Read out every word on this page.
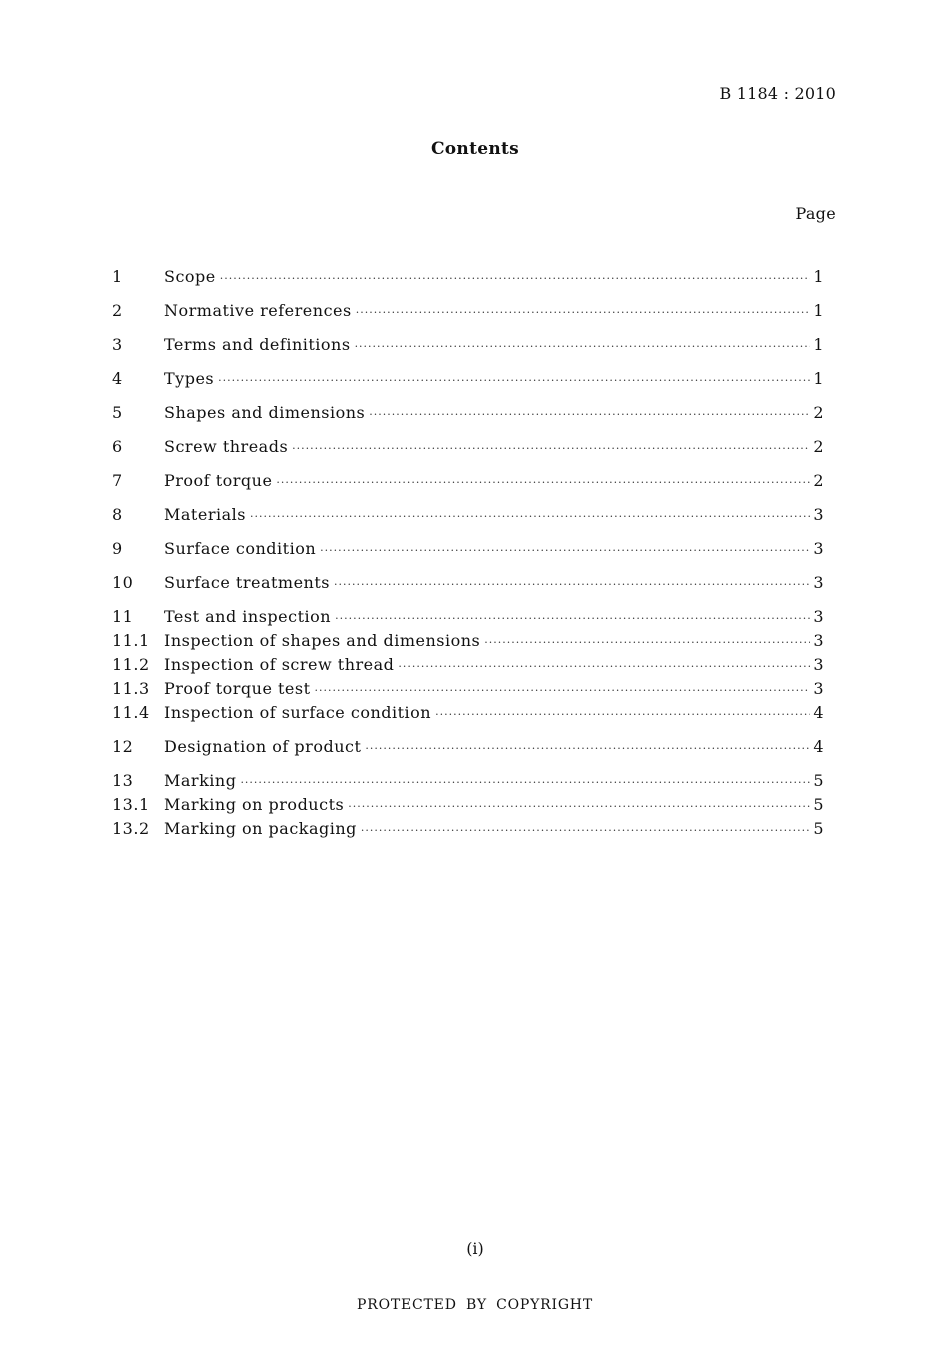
B 1184 : 2010
Contents
Page
1	Scope ·····	1
2	Normative references ·····	1
3	Terms and definitions ·····	1
4	Types ·····	1
5	Shapes and dimensions ·····	2
6	Screw threads ·····	2
7	Proof torque ·····	2
8	Materials ·····	3
9	Surface condition ·····	3
10	Surface treatments ·····	3
11	Test and inspection ·····	3
11.1 Inspection of shapes and dimensions ·····	3
11.2 Inspection of screw thread ·····	3
11.3 Proof torque test ·····	3
11.4 Inspection of surface condition ·····	4
12	Designation of product ·····	4
13	Marking ·····	5
13.1 Marking on products ·····	5
13.2 Marking on packaging ·····	5
(i)
PROTECTED BY COPYRIGHT
